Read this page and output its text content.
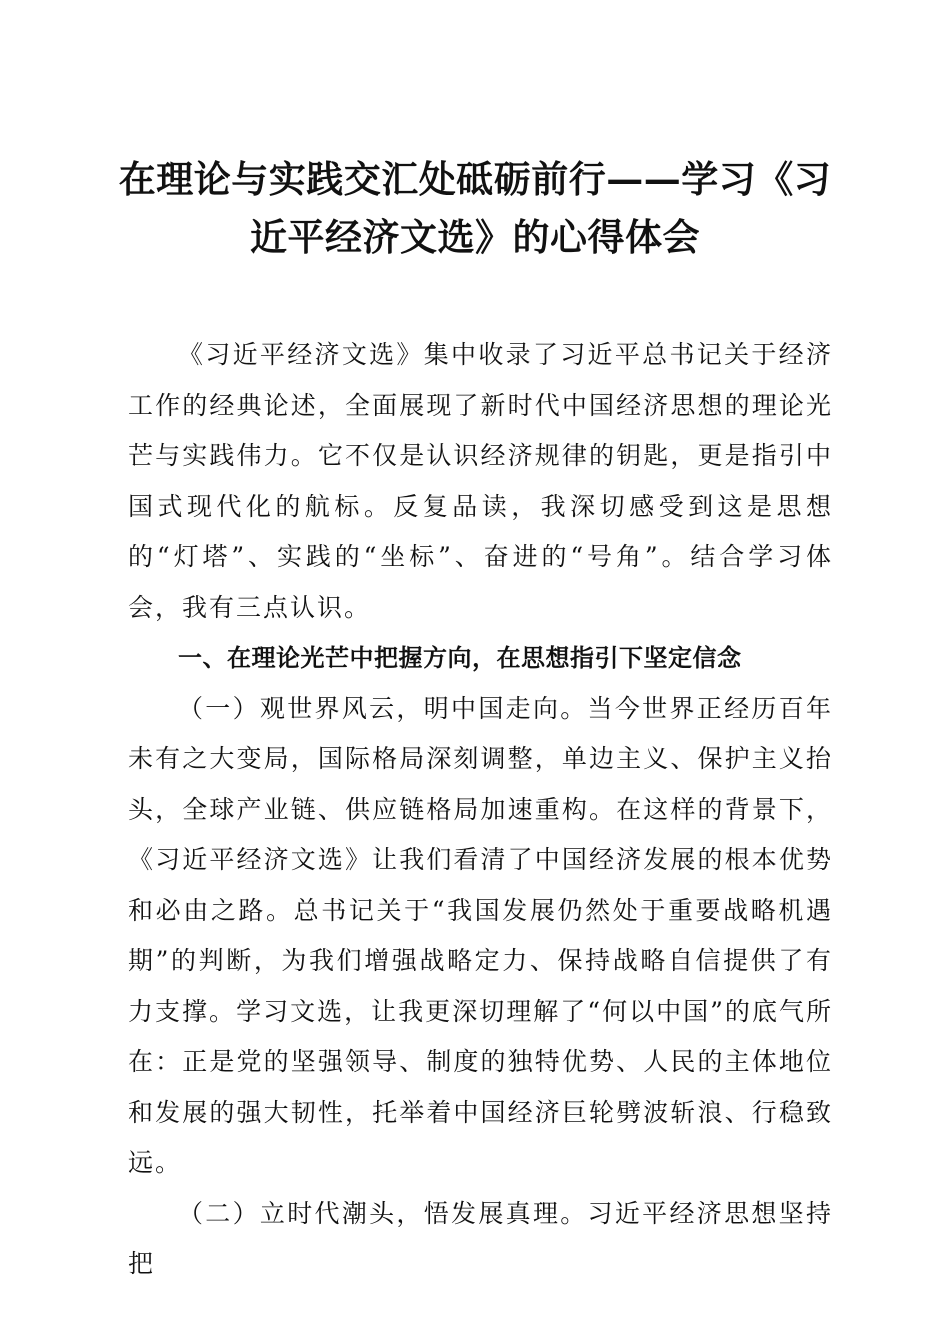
在理论与实践交汇处砥砺前行——学习《习近平经济文选》的心得体会

《习近平经济文选》集中收录了习近平总书记关于经济工作的经典论述，全面展现了新时代中国经济思想的理论光芒与实践伟力。它不仅是认识经济规律的钥匙，更是指引中国式现代化的航标。反复品读，我深切感受到这是思想的“灯塔”、实践的“坐标”、奋进的“号角”。结合学习体会，我有三点认识。

一、在理论光芒中把握方向，在思想指引下坚定信念

（一）观世界风云，明中国走向。当今世界正经历百年未有之大变局，国际格局深刻调整，单边主义、保护主义抬头，全球产业链、供应链格局加速重构。在这样的背景下，《习近平经济文选》让我们看清了中国经济发展的根本优势和必由之路。总书记关于“我国发展仍然处于重要战略机遇期”的判断，为我们增强战略定力、保持战略自信提供了有力支撑。学习文选，让我更深切理解了“何以中国”的底气所在：正是党的坚强领导、制度的独特优势、人民的主体地位和发展的强大韧性，托举着中国经济巨轮劈波斩浪、行稳致远。

（二）立时代潮头，悟发展真理。习近平经济思想坚持把
